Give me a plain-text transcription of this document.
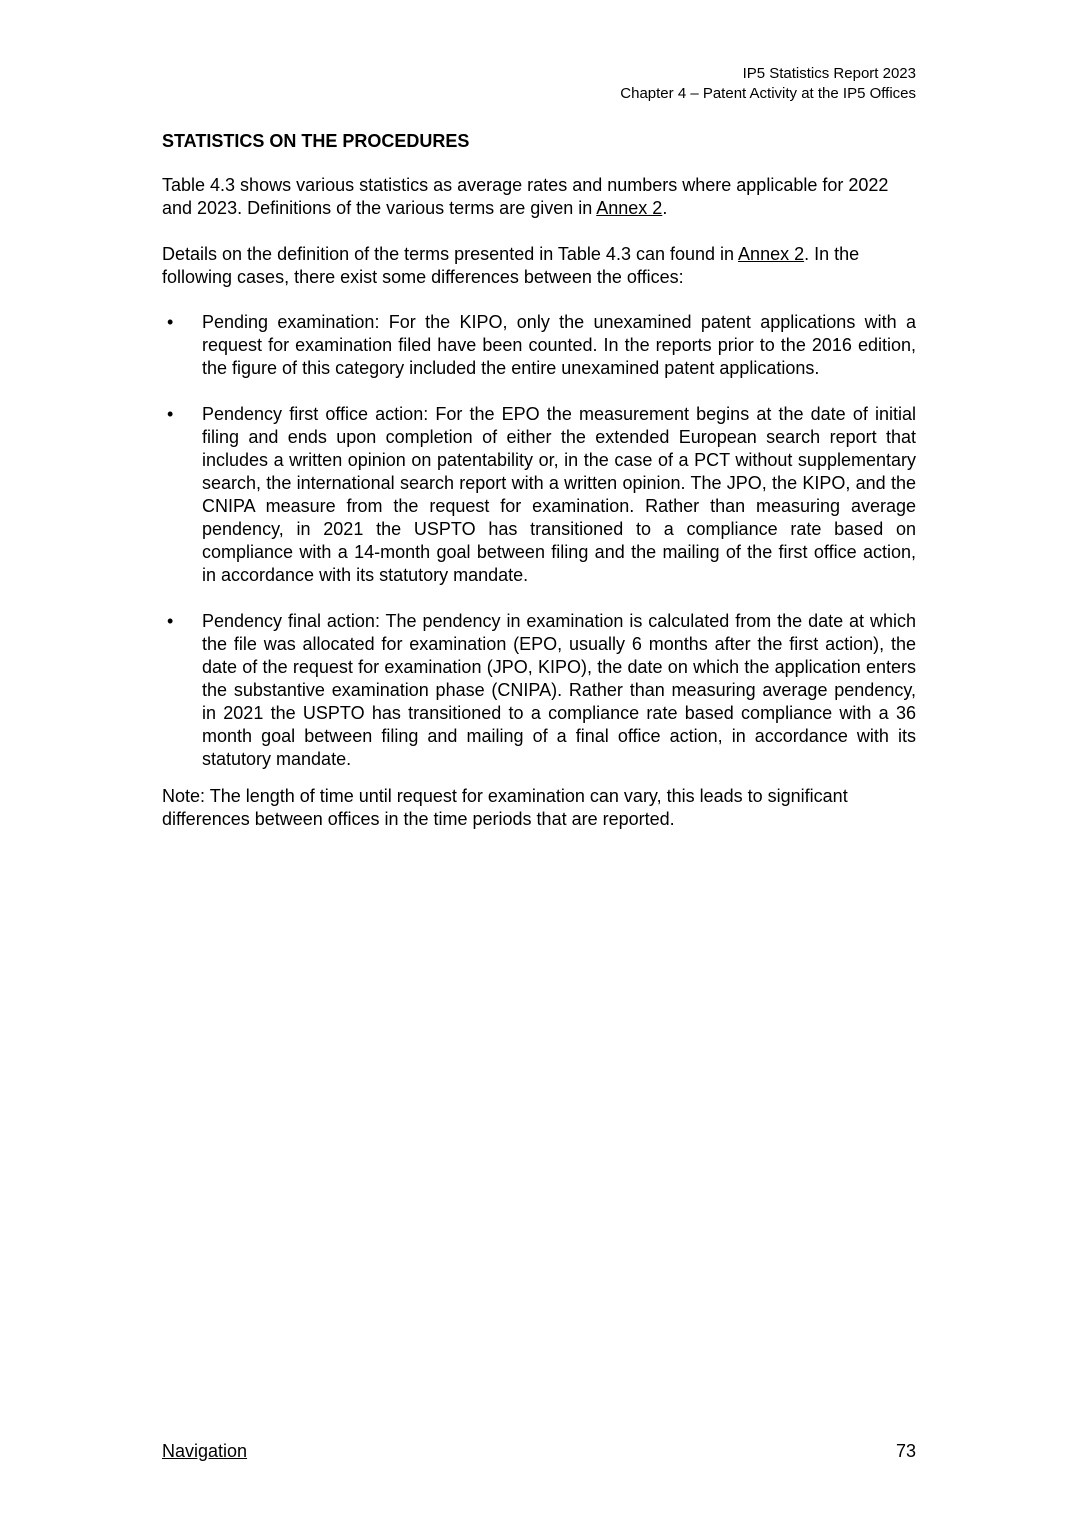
IP5 Statistics Report 2023
Chapter 4 – Patent Activity at the IP5 Offices
STATISTICS ON THE PROCEDURES

Table 4.3 shows various statistics as average rates and numbers where applicable for 2022 and 2023. Definitions of the various terms are given in Annex 2.

Details on the definition of the terms presented in Table 4.3 can found in Annex 2. In the following cases, there exist some differences between the offices:

• Pending examination: For the KIPO, only the unexamined patent applications with a request for examination filed have been counted. In the reports prior to the 2016 edition, the figure of this category included the entire unexamined patent applications.
• Pendency first office action: For the EPO the measurement begins at the date of initial filing and ends upon completion of either the extended European search report that includes a written opinion on patentability or, in the case of a PCT without supplementary search, the international search report with a written opinion. The JPO, the KIPO, and the CNIPA measure from the request for examination. Rather than measuring average pendency, in 2021 the USPTO has transitioned to a compliance rate based on compliance with a 14-month goal between filing and the mailing of the first office action, in accordance with its statutory mandate.
• Pendency final action: The pendency in examination is calculated from the date at which the file was allocated for examination (EPO, usually 6 months after the first action), the date of the request for examination (JPO, KIPO), the date on which the application enters the substantive examination phase (CNIPA). Rather than measuring average pendency, in 2021 the USPTO has transitioned to a compliance rate based compliance with a 36 month goal between filing and mailing of a final office action, in accordance with its statutory mandate.

Note: The length of time until request for examination can vary, this leads to significant differences between offices in the time periods that are reported.

Navigation	73
